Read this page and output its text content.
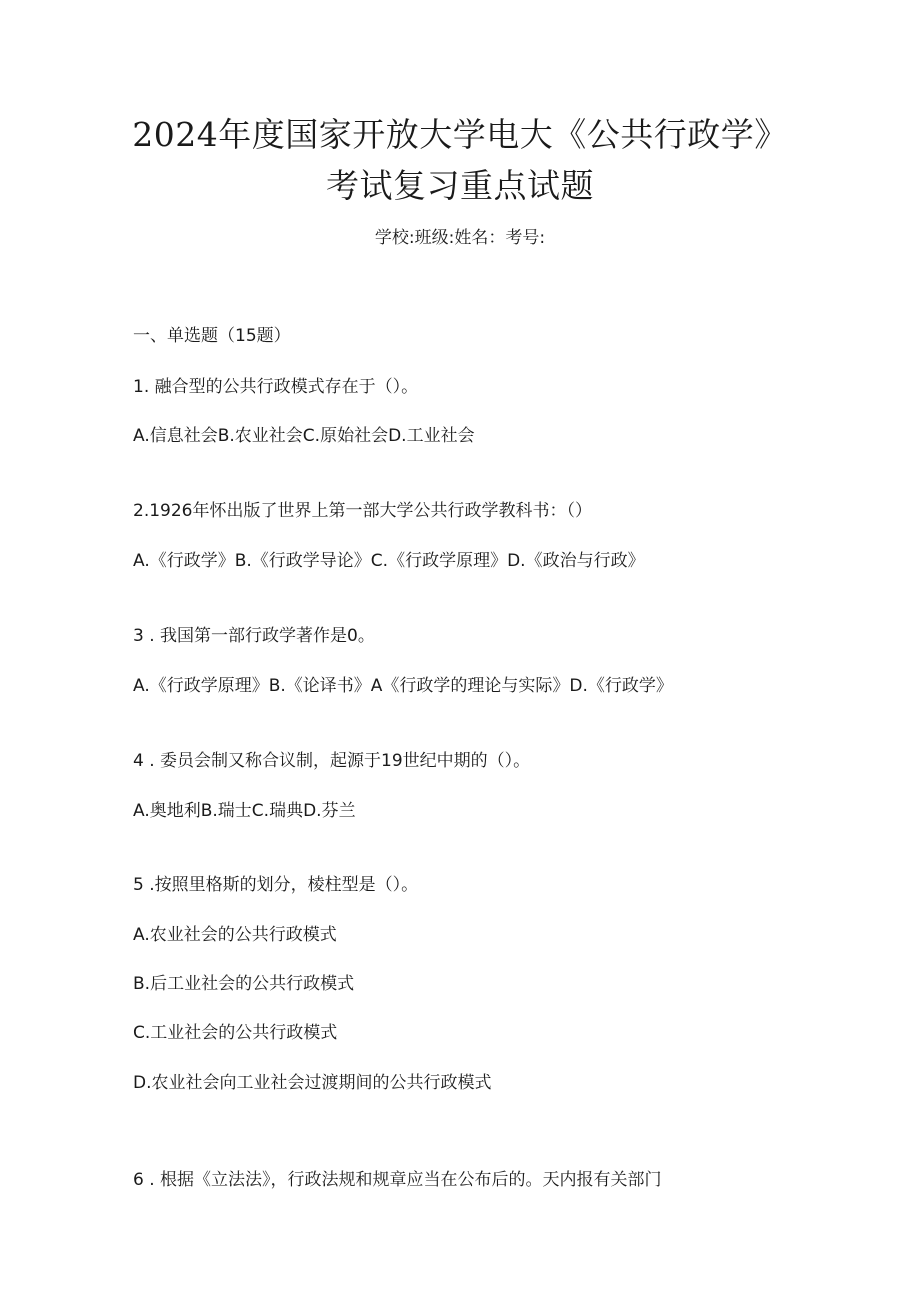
2024年度国家开放大学电大《公共行政学》
考试复习重点试题
学校:班级:姓名：考号:
一、单选题（15题）
1. 融合型的公共行政模式存在于（）。
A.信息社会B.农业社会C.原始社会D.工业社会
2.1926年怀出版了世界上第一部大学公共行政学教科书：（）
A.《行政学》B.《行政学导论》C.《行政学原理》D.《政治与行政》
3 . 我国第一部行政学著作是0。
A.《行政学原理》B.《论译书》A《行政学的理论与实际》D.《行政学》
4 . 委员会制又称合议制，起源于19世纪中期的（）。
A.奥地利B.瑞士C.瑞典D.芬兰
5 .按照里格斯的划分，棱柱型是（）。
A.农业社会的公共行政模式
B.后工业社会的公共行政模式
C.工业社会的公共行政模式
D.农业社会向工业社会过渡期间的公共行政模式
6 . 根据《立法法》，行政法规和规章应当在公布后的。天内报有关部门
